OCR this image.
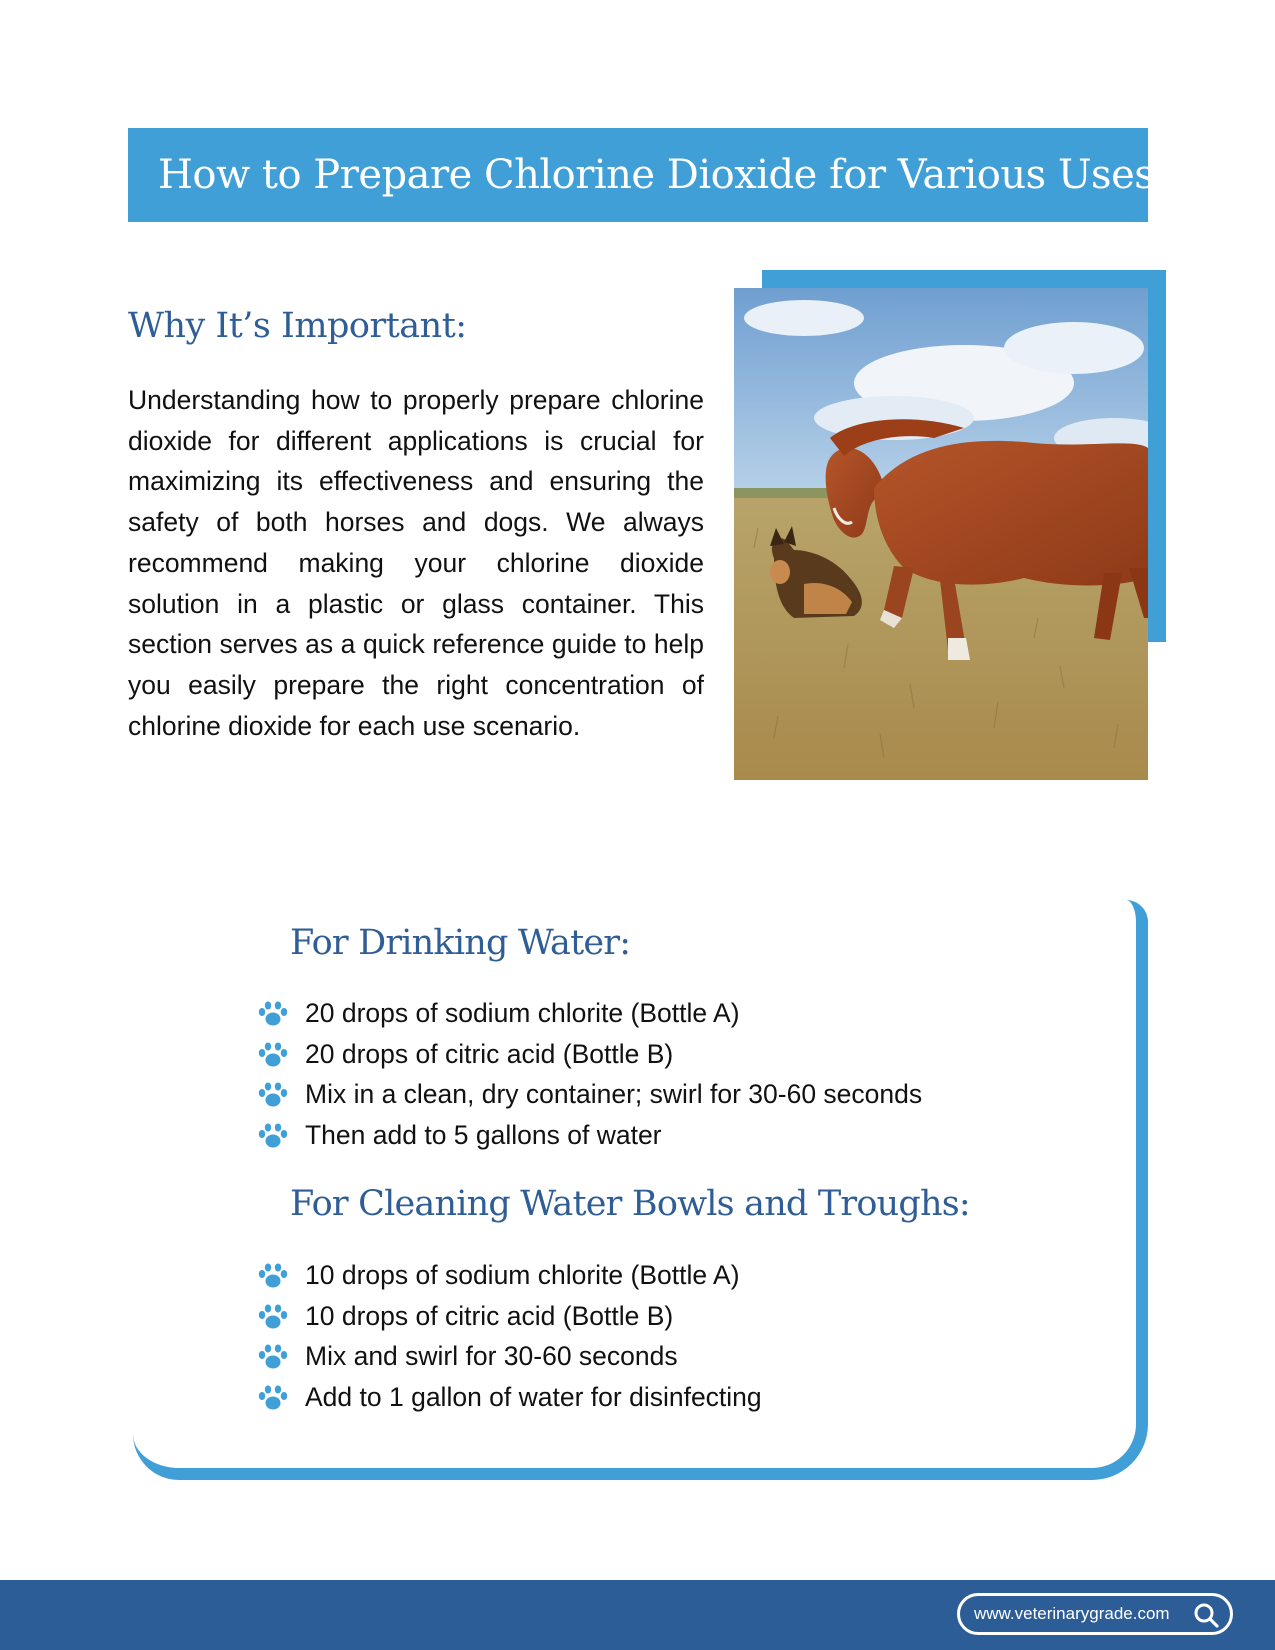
How to Prepare Chlorine Dioxide for Various Uses
Why It’s Important:

Understanding how to properly prepare chlorine dioxide for different applications is crucial for maximizing its effectiveness and ensuring the safety of both horses and dogs. We always recommend making your chlorine dioxide solution in a plastic or glass container. This section serves as a quick reference guide to help you easily prepare the right concentration of chlorine dioxide for each use scenario.

For Drinking Water:
20 drops of sodium chlorite (Bottle A)
20 drops of citric acid (Bottle B)
Mix in a clean, dry container; swirl for 30-60 seconds
Then add to 5 gallons of water
For Cleaning Water Bowls and Troughs:
10 drops of sodium chlorite (Bottle A)
10 drops of citric acid (Bottle B)
Mix and swirl for 30-60 seconds
Add to 1 gallon of water for disinfecting
www.veterinarygrade.com
